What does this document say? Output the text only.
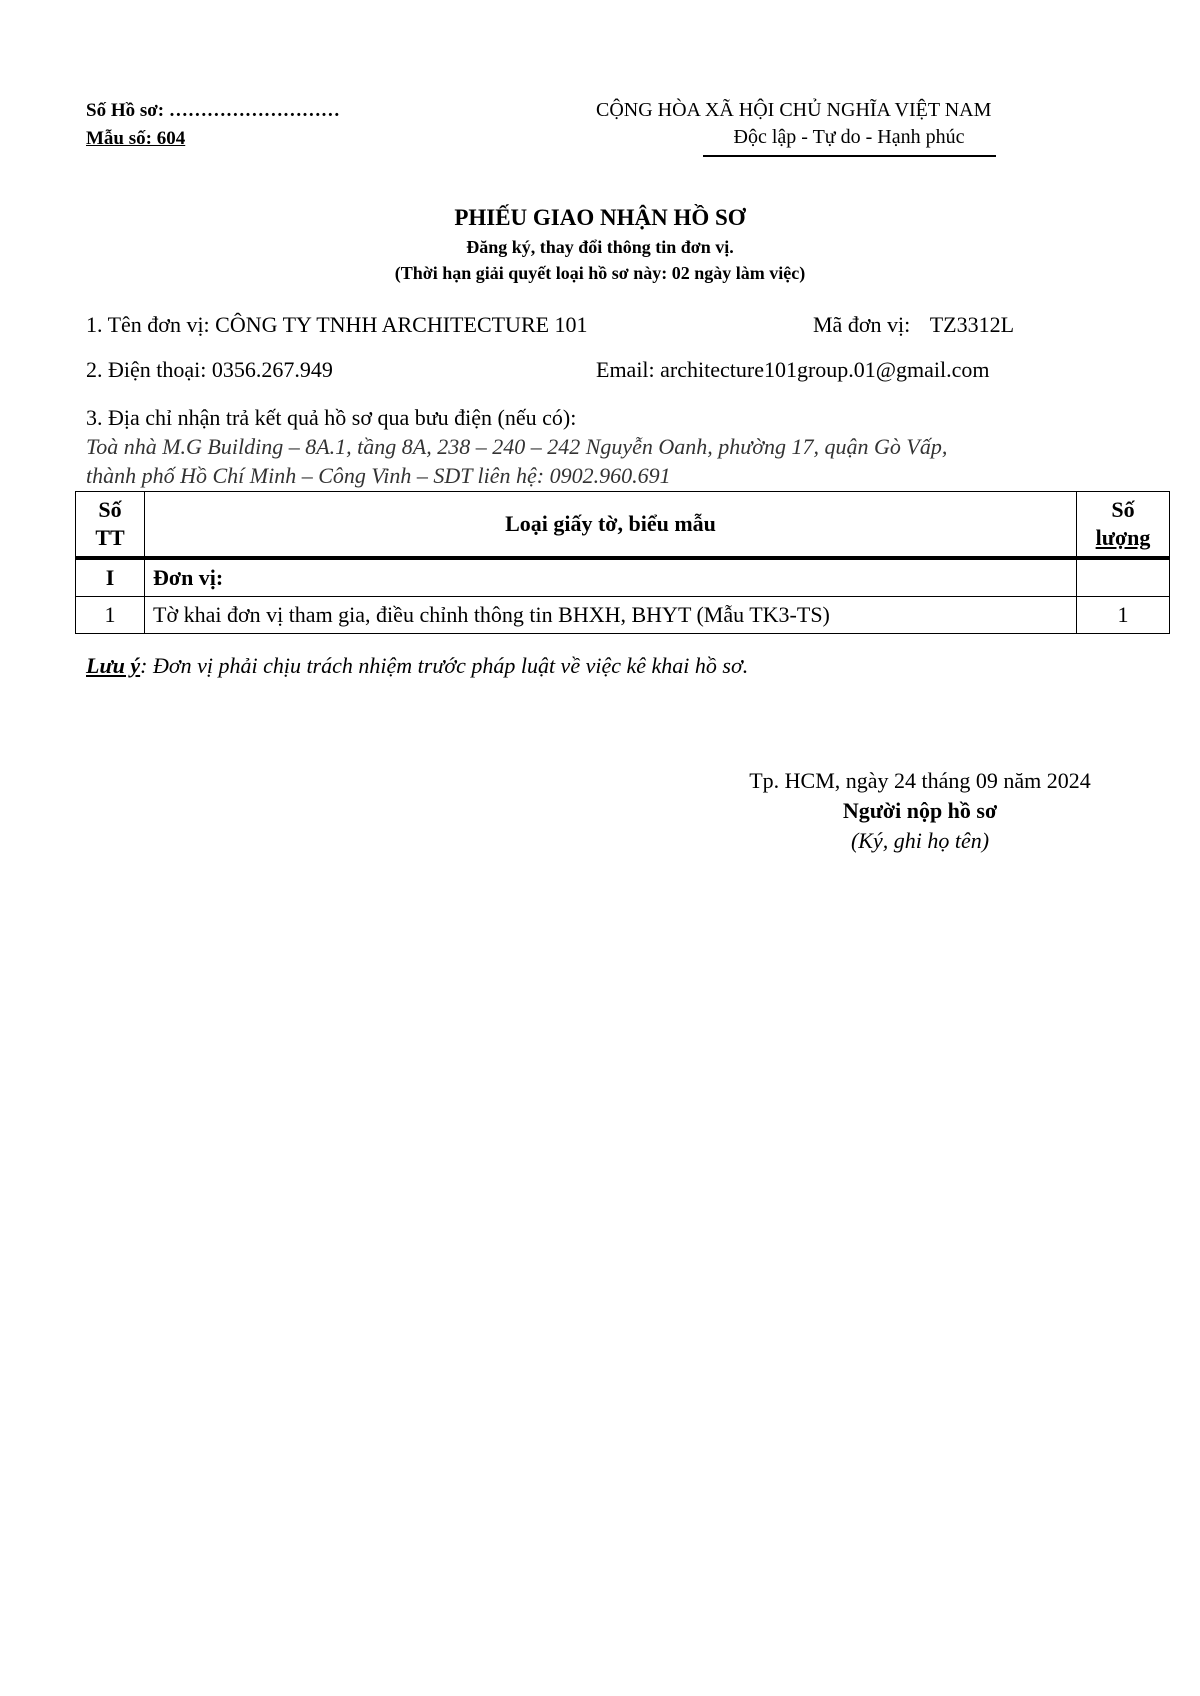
Số Hồ sơ: ………………………
Mẫu số: 604
CỘNG HÒA XÃ HỘI CHỦ NGHĨA VIỆT NAM
Độc lập - Tự do - Hạnh phúc
PHIẾU GIAO NHẬN HỒ SƠ
Đăng ký, thay đổi thông tin đơn vị.
(Thời hạn giải quyết loại hồ sơ này: 02 ngày làm việc)
1. Tên đơn vị: CÔNG TY TNHH ARCHITECTURE 101	Mã đơn vị: TZ3312L
2. Điện thoại: 0356.267.949	Email: architecture101group.01@gmail.com
3. Địa chỉ nhận trả kết quả hồ sơ qua bưu điện (nếu có):
Toà nhà M.G Building – 8A.1, tầng 8A, 238 – 240 – 242 Nguyễn Oanh, phường 17, quận Gò Vấp,
thành phố Hồ Chí Minh – Công Vinh – SDT liên hệ: 0902.960.691
Số
TT	Loại giấy tờ, biểu mẫu	Số
lượng
I	Đơn vị:	
1	Tờ khai đơn vị tham gia, điều chỉnh thông tin BHXH, BHYT (Mẫu TK3-TS)	1
Lưu ý: Đơn vị phải chịu trách nhiệm trước pháp luật về việc kê khai hồ sơ.
Tp. HCM, ngày 24 tháng 09 năm 2024
Người nộp hồ sơ
(Ký, ghi họ tên)
